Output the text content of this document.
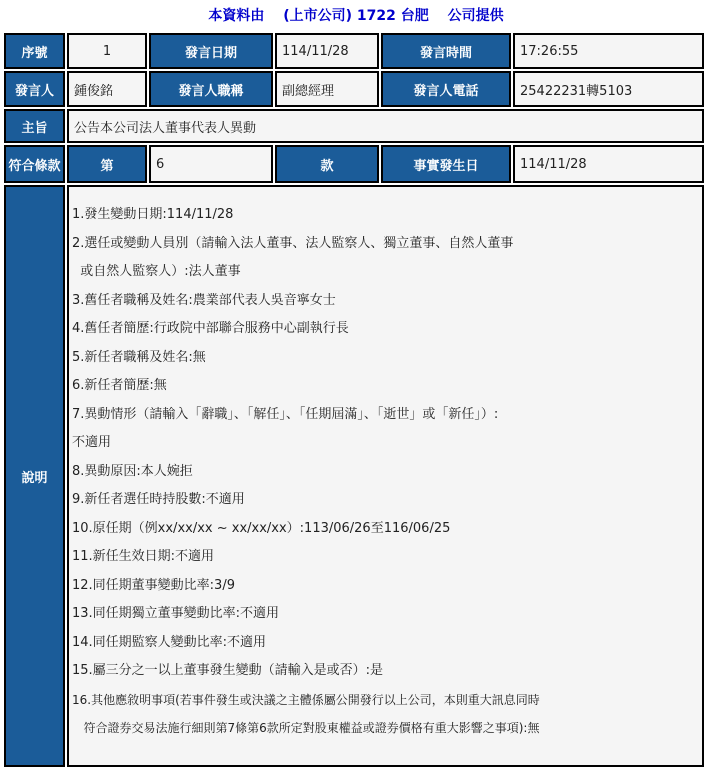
本資料由 (上市公司) 1722 台肥 公司提供
序號	1	發言日期	114/11/28	發言時間	17:26:55
發言人	鍾俊銘	發言人職稱	副總經理	發言人電話	25422231轉5103
主旨	公告本公司法人董事代表人異動				
符合條款	第	6	款	事實發生日	114/11/28
說明	
1.發生變動日期:114/11/28
2.選任或變動人員別（請輸入法人董事、法人監察人、獨立董事、自然人董事
或自然人監察人）:法人董事
3.舊任者職稱及姓名:農業部代表人吳音寧女士
4.舊任者簡歷:行政院中部聯合服務中心副執行長
5.新任者職稱及姓名:無
6.新任者簡歷:無
7.異動情形（請輸入「辭職」、「解任」、「任期屆滿」、「逝世」或「新任」）:
不適用
8.異動原因:本人婉拒
9.新任者選任時持股數:不適用
10.原任期（例xx/xx/xx ~ xx/xx/xx）:113/06/26至116/06/25
11.新任生效日期:不適用
12.同任期董事變動比率:3/9
13.同任期獨立董事變動比率:不適用
14.同任期監察人變動比率:不適用
15.屬三分之一以上董事發生變動（請輸入是或否）:是
16.其他應敘明事項(若事件發生或決議之主體係屬公開發行以上公司，本則重大訊息同時
符合證券交易法施行細則第7條第6款所定對股東權益或證券價格有重大影響之事項):無
